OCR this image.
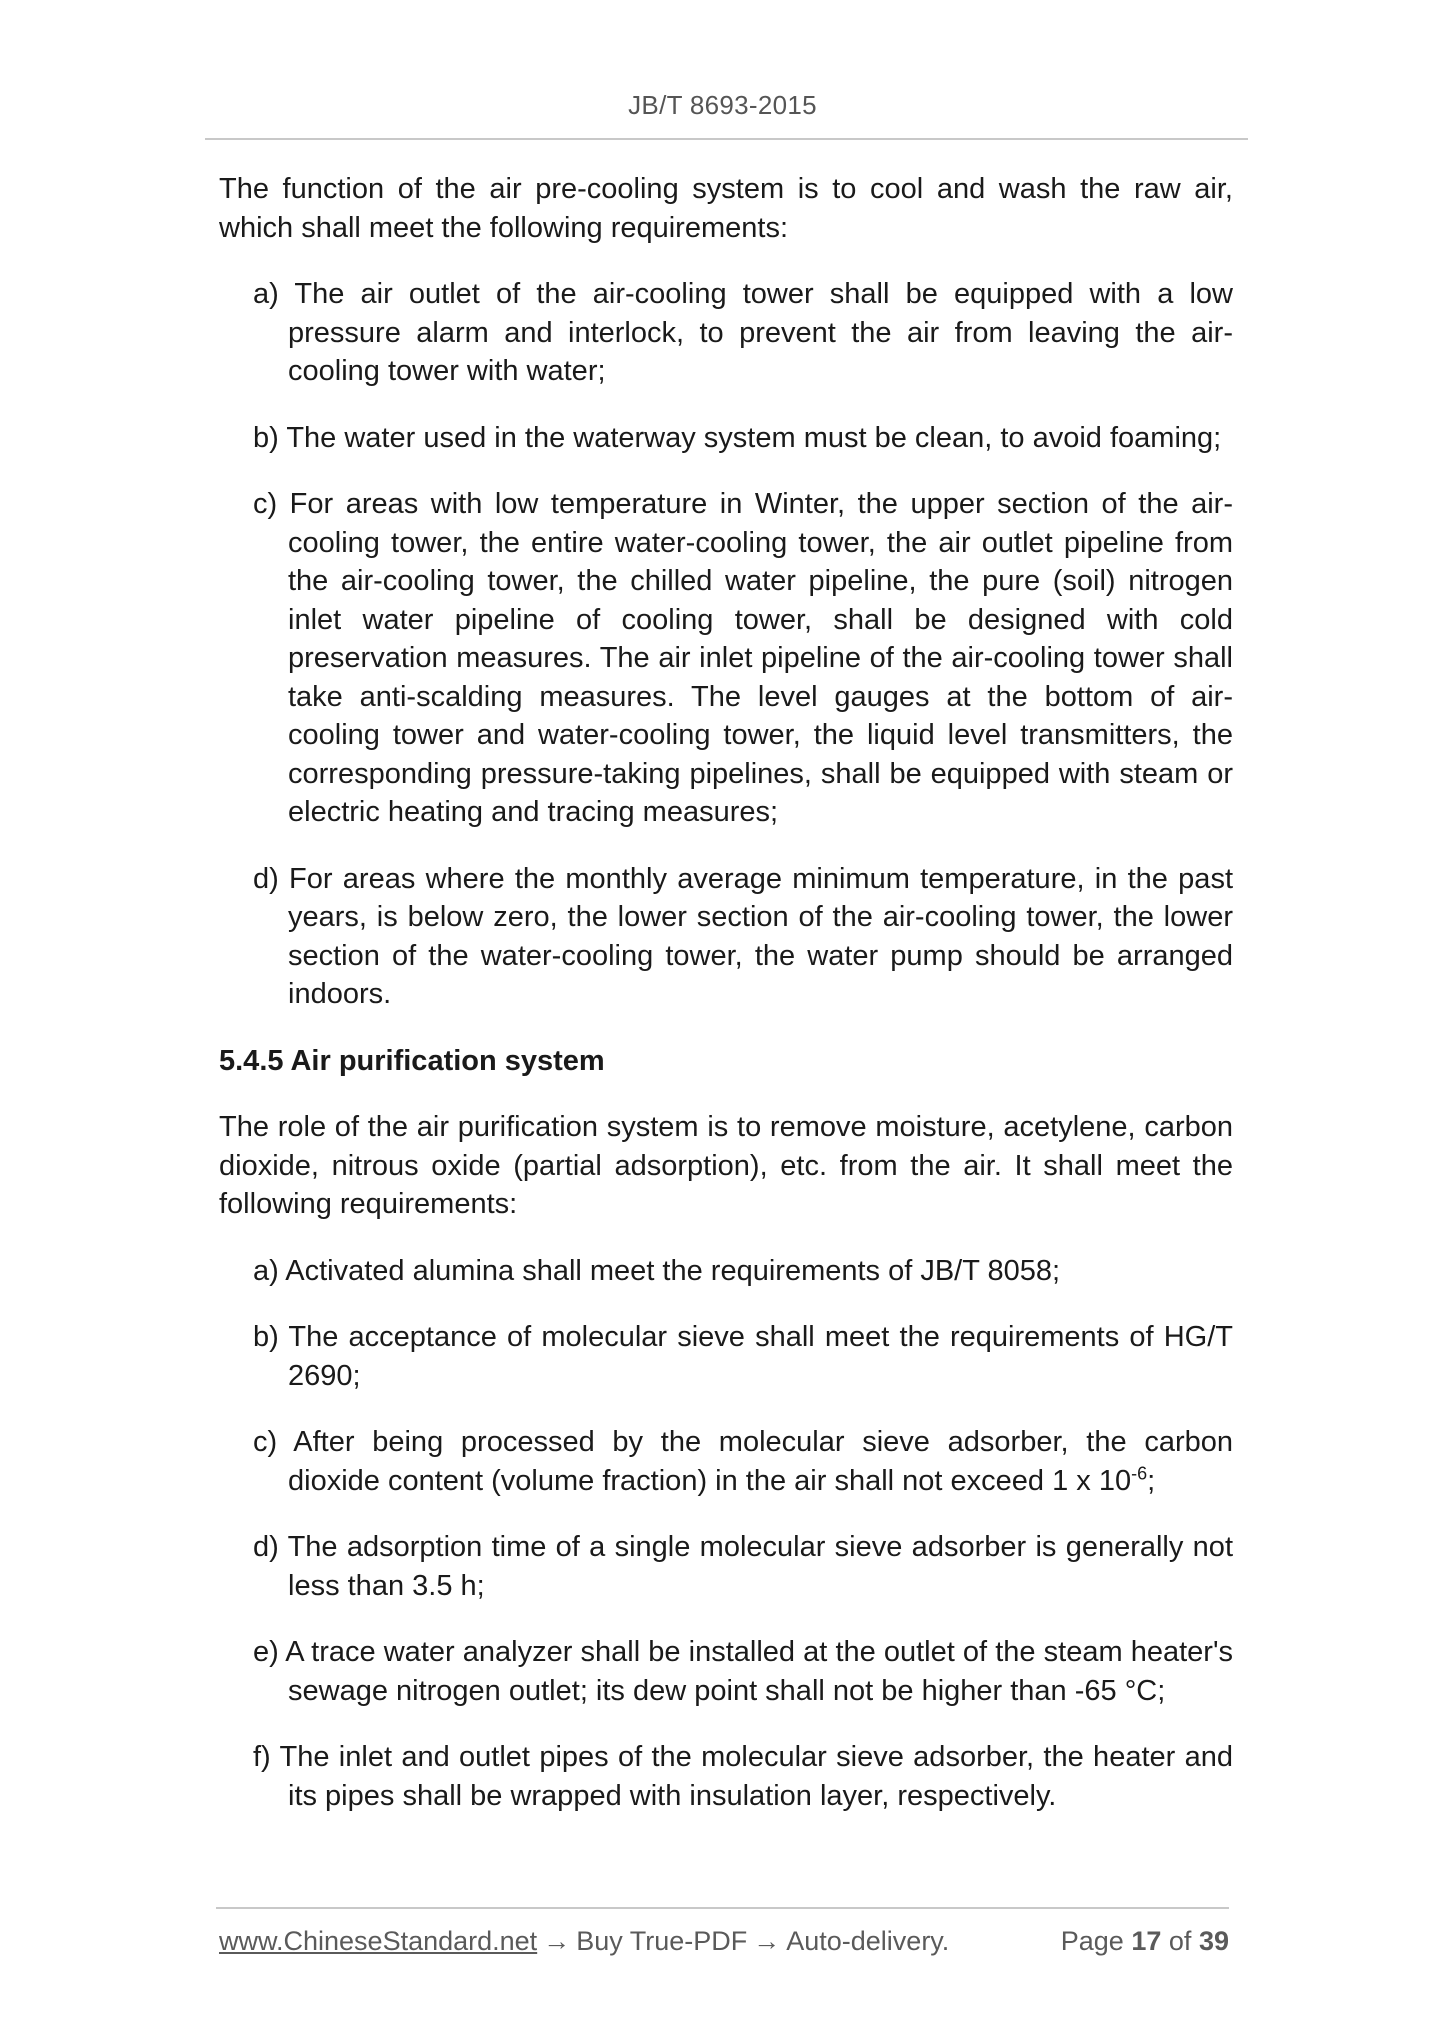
JB/T 8693-2015

The function of the air pre-cooling system is to cool and wash the raw air, which shall meet the following requirements:

a) The air outlet of the air-cooling tower shall be equipped with a low pressure alarm and interlock, to prevent the air from leaving the air-cooling tower with water;

b) The water used in the waterway system must be clean, to avoid foaming;

c) For areas with low temperature in Winter, the upper section of the air-cooling tower, the entire water-cooling tower, the air outlet pipeline from the air-cooling tower, the chilled water pipeline, the pure (soil) nitrogen inlet water pipeline of cooling tower, shall be designed with cold preservation measures. The air inlet pipeline of the air-cooling tower shall take anti-scalding measures. The level gauges at the bottom of air-cooling tower and water-cooling tower, the liquid level transmitters, the corresponding pressure-taking pipelines, shall be equipped with steam or electric heating and tracing measures;

d) For areas where the monthly average minimum temperature, in the past years, is below zero, the lower section of the air-cooling tower, the lower section of the water-cooling tower, the water pump should be arranged indoors.

5.4.5 Air purification system

The role of the air purification system is to remove moisture, acetylene, carbon dioxide, nitrous oxide (partial adsorption), etc. from the air. It shall meet the following requirements:

a) Activated alumina shall meet the requirements of JB/T 8058;

b) The acceptance of molecular sieve shall meet the requirements of HG/T 2690;

c) After being processed by the molecular sieve adsorber, the carbon dioxide content (volume fraction) in the air shall not exceed 1 x $10^{-6}$;

d) The adsorption time of a single molecular sieve adsorber is generally not less than 3.5 h;

e) A trace water analyzer shall be installed at the outlet of the steam heater's sewage nitrogen outlet; its dew point shall not be higher than -65 °C;

f) The inlet and outlet pipes of the molecular sieve adsorber, the heater and its pipes shall be wrapped with insulation layer, respectively.

www.ChineseStandard.net → Buy True-PDF → Auto-delivery.	Page 17 of 39
